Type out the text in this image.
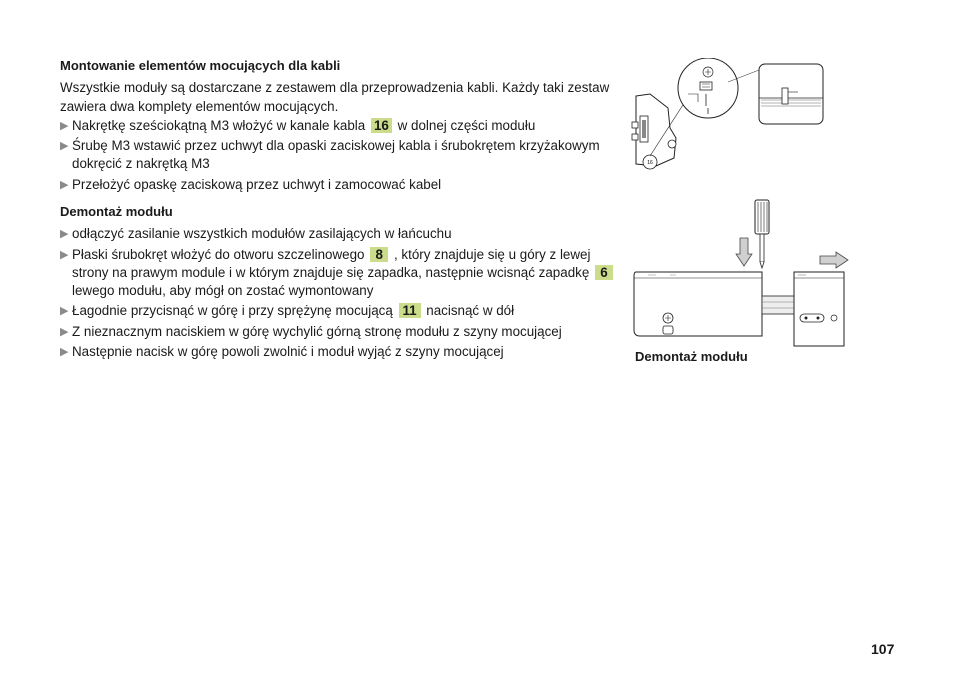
Montowanie elementów mocujących dla kabli

Wszystkie moduły są dostarczane z zestawem dla przeprowadzenia kabli. Każdy taki zestaw zawiera dwa komplety elementów mocujących.

▶ Nakrętkę sześciokątną M3 włożyć w kanale kabla 16 w dolnej części modułu
▶ Śrubę M3 wstawić przez uchwyt dla opaski zaciskowej kabla i śrubokrętem krzyżakowym dokręcić z nakrętką M3
▶ Przełożyć opaskę zaciskową przez uchwyt i zamocować kabel

Demontaż modułu

▶ odłączyć zasilanie wszystkich modułów zasilających w łańcuchu
▶ Płaski śrubokręt włożyć do otworu szczelinowego 8 , który znajduje się u góry z lewej strony na prawym module i w którym znajduje się zapadka, następnie wcisnąć zapadkę 6 lewego modułu, aby mógł on zostać wymontowany
▶ Łagodnie przycisnąć w górę i przy sprężynę mocującą 11 nacisnąć w dół
▶ Z nieznacznym naciskiem w górę wychylić górną stronę modułu z szyny mocującej
▶ Następnie nacisk w górę powoli zwolnić i moduł wyjąć z szyny mocującej
16
Demontaż modułu
107
